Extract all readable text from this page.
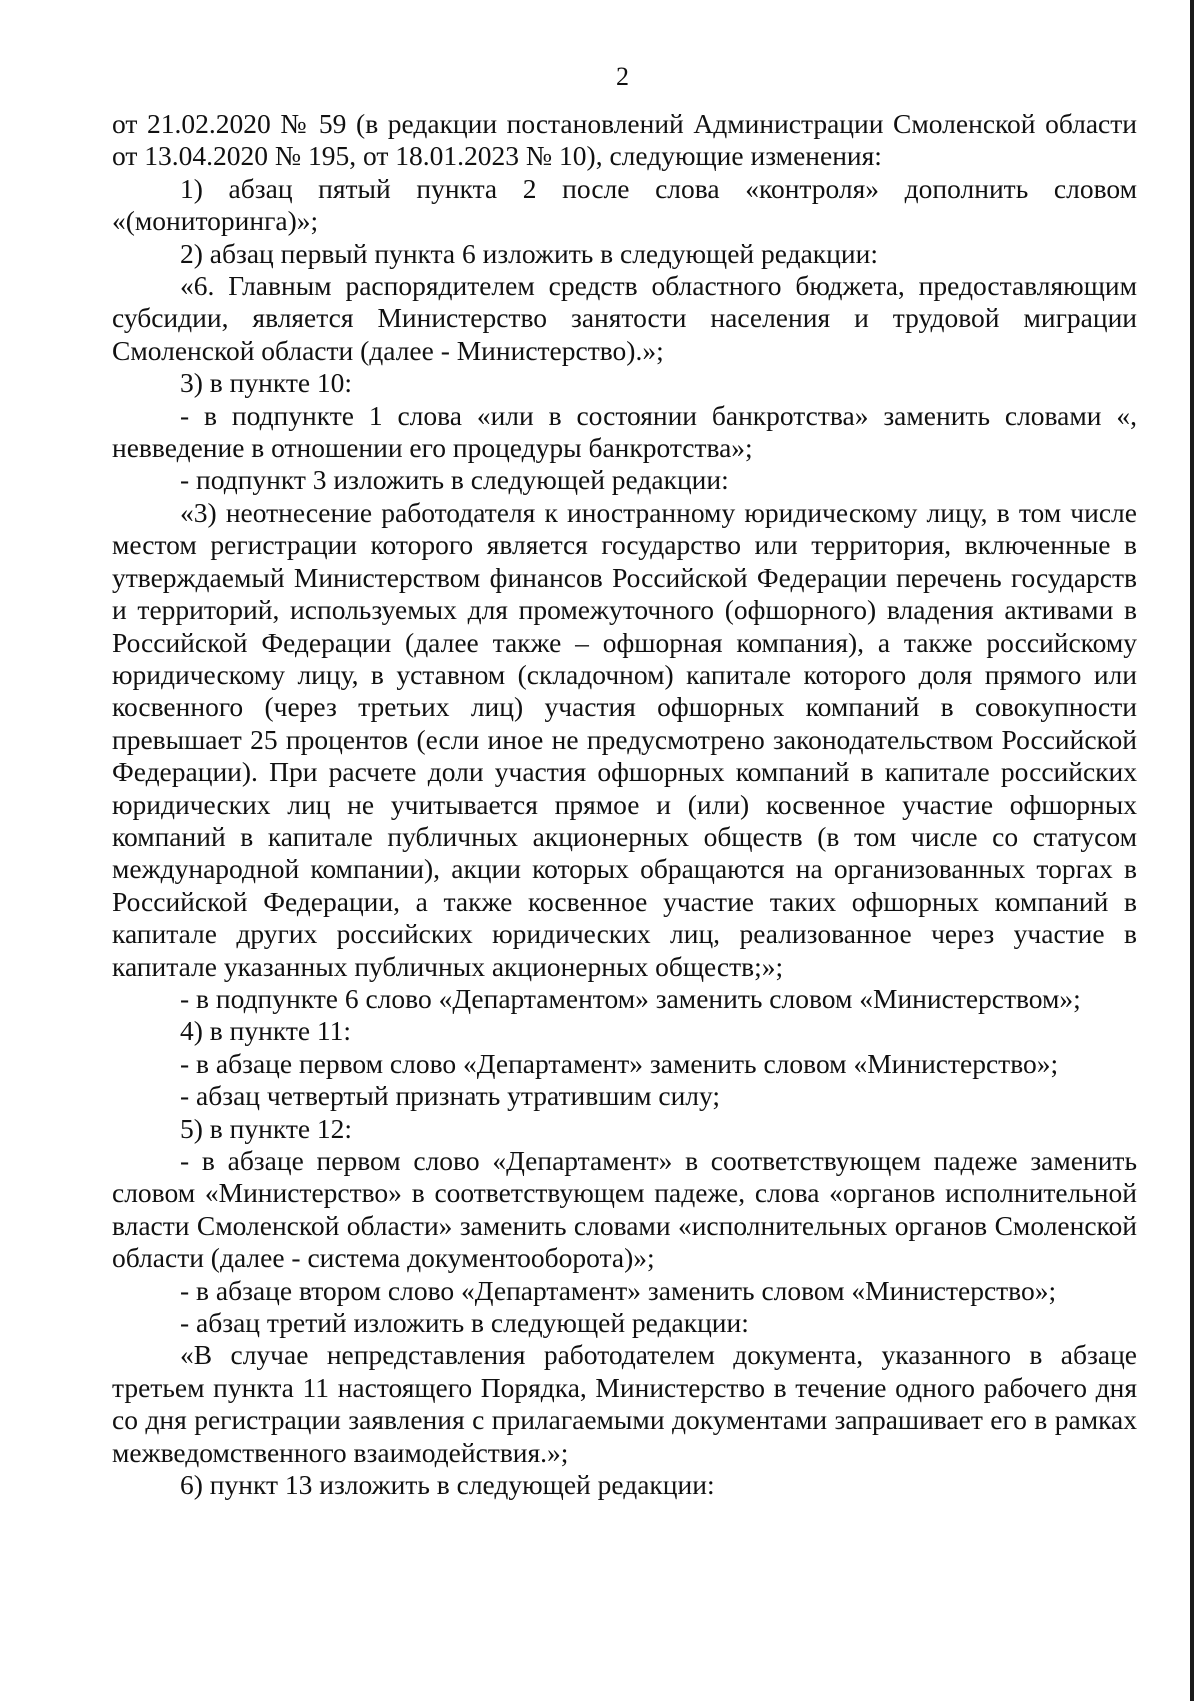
2

от 21.02.2020 № 59 (в редакции постановлений Администрации Смоленской области от 13.04.2020 № 195, от 18.01.2023 № 10), следующие изменения:

1) абзац пятый пункта 2 после слова «контроля» дополнить словом «(мониторинга)»;

2) абзац первый пункта 6 изложить в следующей редакции:

«6. Главным распорядителем средств областного бюджета, предоставляющим субсидии, является Министерство занятости населения и трудовой миграции Смоленской области (далее - Министерство).»;

3) в пункте 10:

- в подпункте 1 слова «или в состоянии банкротства» заменить словами «, невведение в отношении его процедуры банкротства»;

- подпункт 3 изложить в следующей редакции:

«3) неотнесение работодателя к иностранному юридическому лицу, в том числе местом регистрации которого является государство или территория, включенные в утверждаемый Министерством финансов Российской Федерации перечень государств и территорий, используемых для промежуточного (офшорного) владения активами в Российской Федерации (далее также – офшорная компания), а также российскому юридическому лицу, в уставном (складочном) капитале которого доля прямого или косвенного (через третьих лиц) участия офшорных компаний в совокупности превышает 25 процентов (если иное не предусмотрено законодательством Российской Федерации). При расчете доли участия офшорных компаний в капитале российских юридических лиц не учитывается прямое и (или) косвенное участие офшорных компаний в капитале публичных акционерных обществ (в том числе со статусом международной компании), акции которых обращаются на организованных торгах в Российской Федерации, а также косвенное участие таких офшорных компаний в капитале других российских юридических лиц, реализованное через участие в капитале указанных публичных акционерных обществ;»;

- в подпункте 6 слово «Департаментом» заменить словом «Министерством»;

4) в пункте 11:

- в абзаце первом слово «Департамент» заменить словом «Министерство»;

- абзац четвертый признать утратившим силу;

5) в пункте 12:

- в абзаце первом слово «Департамент» в соответствующем падеже заменить словом «Министерство» в соответствующем падеже, слова «органов исполнительной власти Смоленской области» заменить словами «исполнительных органов Смоленской области (далее - система документооборота)»;

- в абзаце втором слово «Департамент» заменить словом «Министерство»;

- абзац третий изложить в следующей редакции:

«В случае непредставления работодателем документа, указанного в абзаце третьем пункта 11 настоящего Порядка, Министерство в течение одного рабочего дня со дня регистрации заявления с прилагаемыми документами запрашивает его в рамках межведомственного взаимодействия.»;

6) пункт 13 изложить в следующей редакции:
